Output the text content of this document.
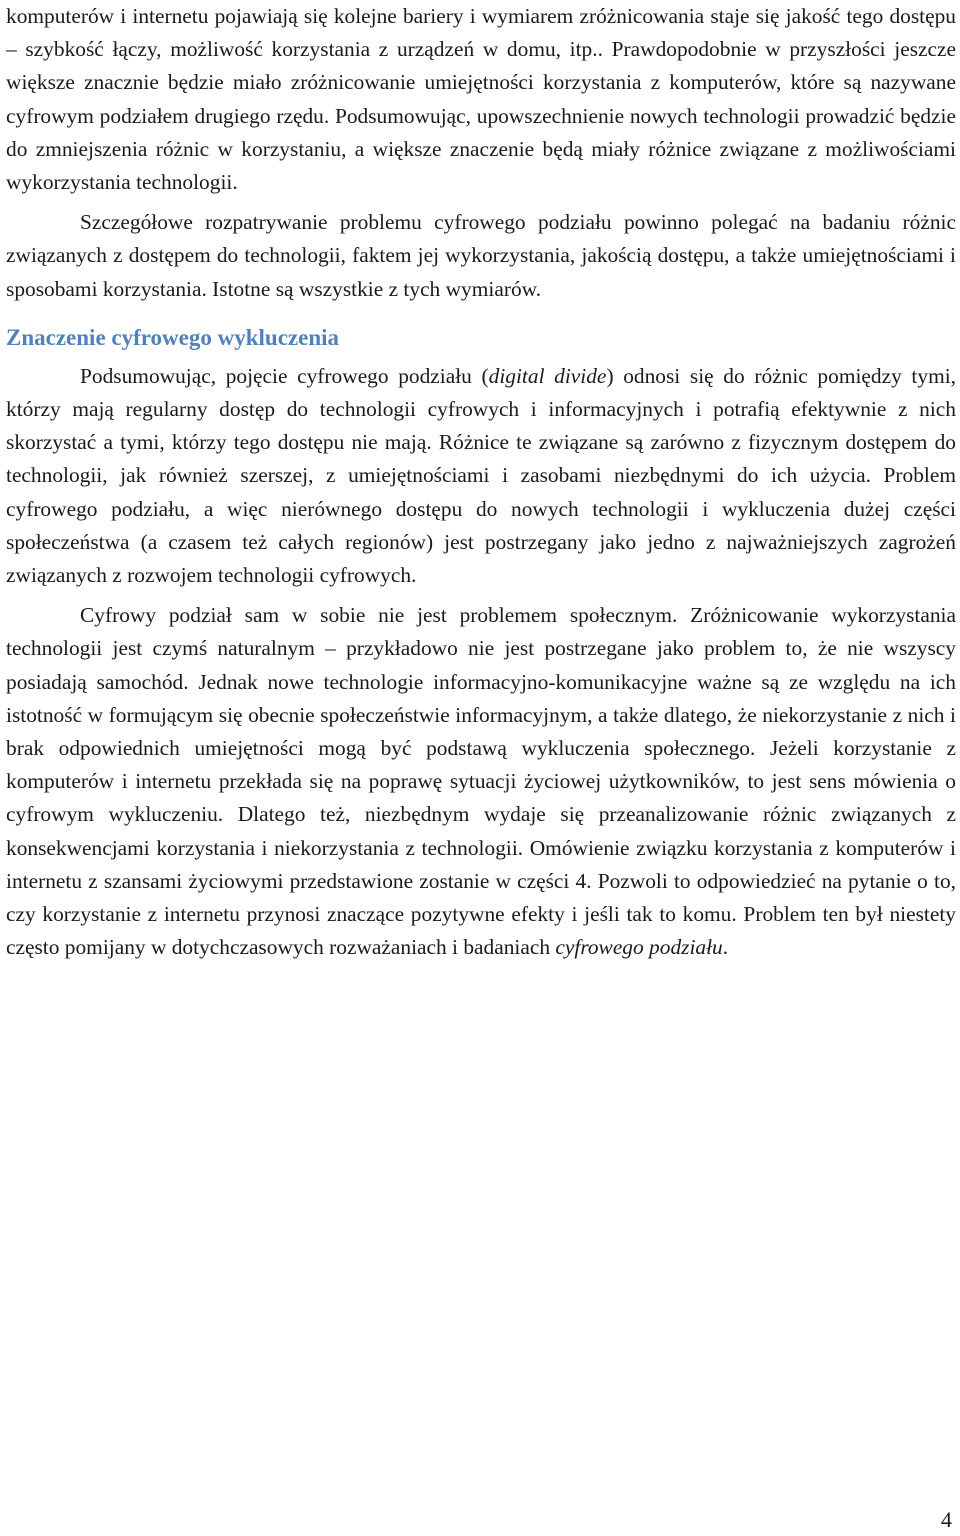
komputerów i internetu pojawiają się kolejne bariery i wymiarem zróżnicowania staje się jakość tego dostępu – szybkość łączy, możliwość korzystania z urządzeń w domu, itp.. Prawdopodobnie w przyszłości jeszcze większe znacznie będzie miało zróżnicowanie umiejętności korzystania z komputerów, które są nazywane cyfrowym podziałem drugiego rzędu. Podsumowując, upowszechnienie nowych technologii prowadzić będzie do zmniejszenia różnic w korzystaniu, a większe znaczenie będą miały różnice związane z możliwościami wykorzystania technologii.

Szczegółowe rozpatrywanie problemu cyfrowego podziału powinno polegać na badaniu różnic związanych z dostępem do technologii, faktem jej wykorzystania, jakością dostępu, a także umiejętnościami i sposobami korzystania. Istotne są wszystkie z tych wymiarów.

Znaczenie cyfrowego wykluczenia

Podsumowując, pojęcie cyfrowego podziału (digital divide) odnosi się do różnic pomiędzy tymi, którzy mają regularny dostęp do technologii cyfrowych i informacyjnych i potrafią efektywnie z nich skorzystać a tymi, którzy tego dostępu nie mają. Różnice te związane są zarówno z fizycznym dostępem do technologii, jak również szerszej, z umiejętnościami i zasobami niezbędnymi do ich użycia. Problem cyfrowego podziału, a więc nierównego dostępu do nowych technologii i wykluczenia dużej części społeczeństwa (a czasem też całych regionów) jest postrzegany jako jedno z najważniejszych zagrożeń związanych z rozwojem technologii cyfrowych.

Cyfrowy podział sam w sobie nie jest problemem społecznym. Zróżnicowanie wykorzystania technologii jest czymś naturalnym – przykładowo nie jest postrzegane jako problem to, że nie wszyscy posiadają samochód. Jednak nowe technologie informacyjno-komunikacyjne ważne są ze względu na ich istotność w formującym się obecnie społeczeństwie informacyjnym, a także dlatego, że niekorzystanie z nich i brak odpowiednich umiejętności mogą być podstawą wykluczenia społecznego. Jeżeli korzystanie z komputerów i internetu przekłada się na poprawę sytuacji życiowej użytkowników, to jest sens mówienia o cyfrowym wykluczeniu. Dlatego też, niezbędnym wydaje się przeanalizowanie różnic związanych z konsekwencjami korzystania i niekorzystania z technologii. Omówienie związku korzystania z komputerów i internetu z szansami życiowymi przedstawione zostanie w części 4. Pozwoli to odpowiedzieć na pytanie o to, czy korzystanie z internetu przynosi znaczące pozytywne efekty i jeśli tak to komu. Problem ten był niestety często pomijany w dotychczasowych rozważaniach i badaniach cyfrowego podziału.

4
